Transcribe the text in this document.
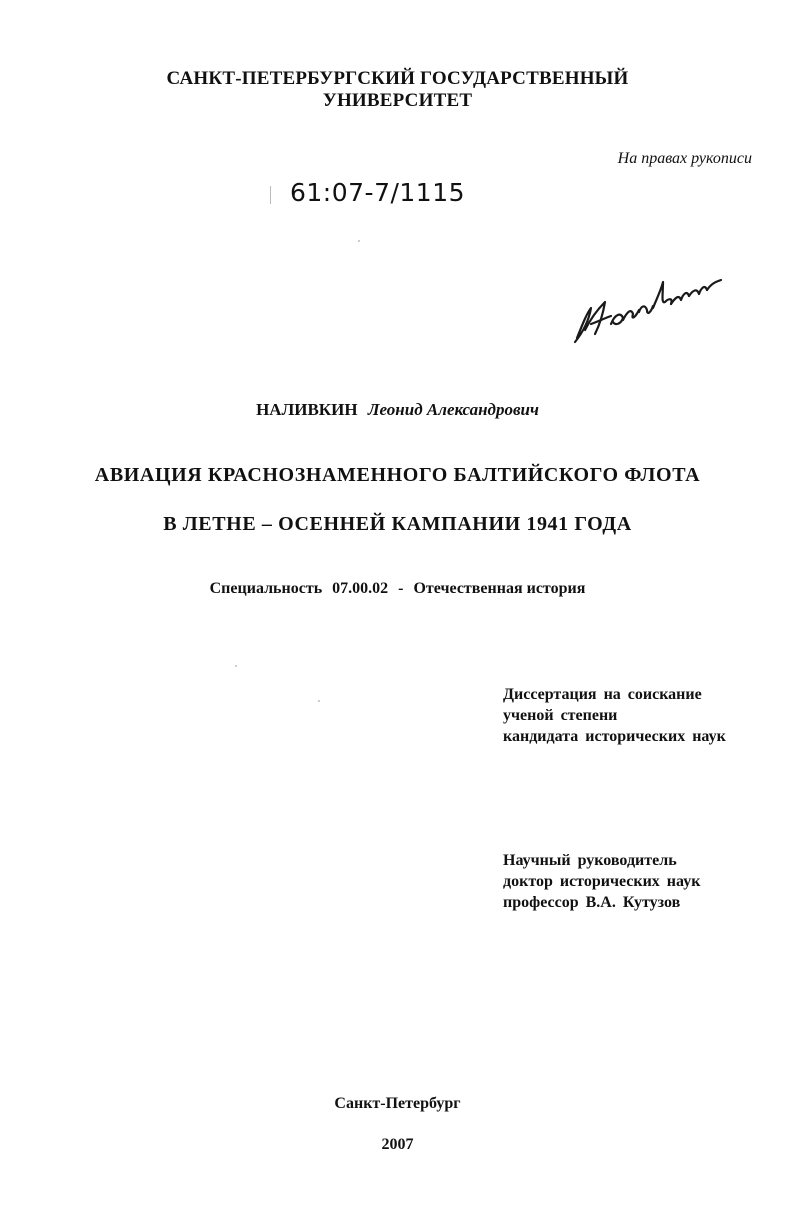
САНКТ-ПЕТЕРБУРГСКИЙ ГОСУДАРСТВЕННЫЙ
УНИВЕРСИТЕТ
На правах рукописи
61:07-7/1115
НАЛИВКИН Леонид Александрович
АВИАЦИЯ КРАСНОЗНАМЕННОГО БАЛТИЙСКОГО ФЛОТА
В ЛЕТНЕ – ОСЕННЕЙ КАМПАНИИ 1941 ГОДА
Специальность 07.00.02 - Отечественная история
Диссертация на соискание
ученой степени
кандидата исторических наук
Научный руководитель
доктор исторических наук
профессор В.А. Кутузов
Санкт-Петербург
2007
